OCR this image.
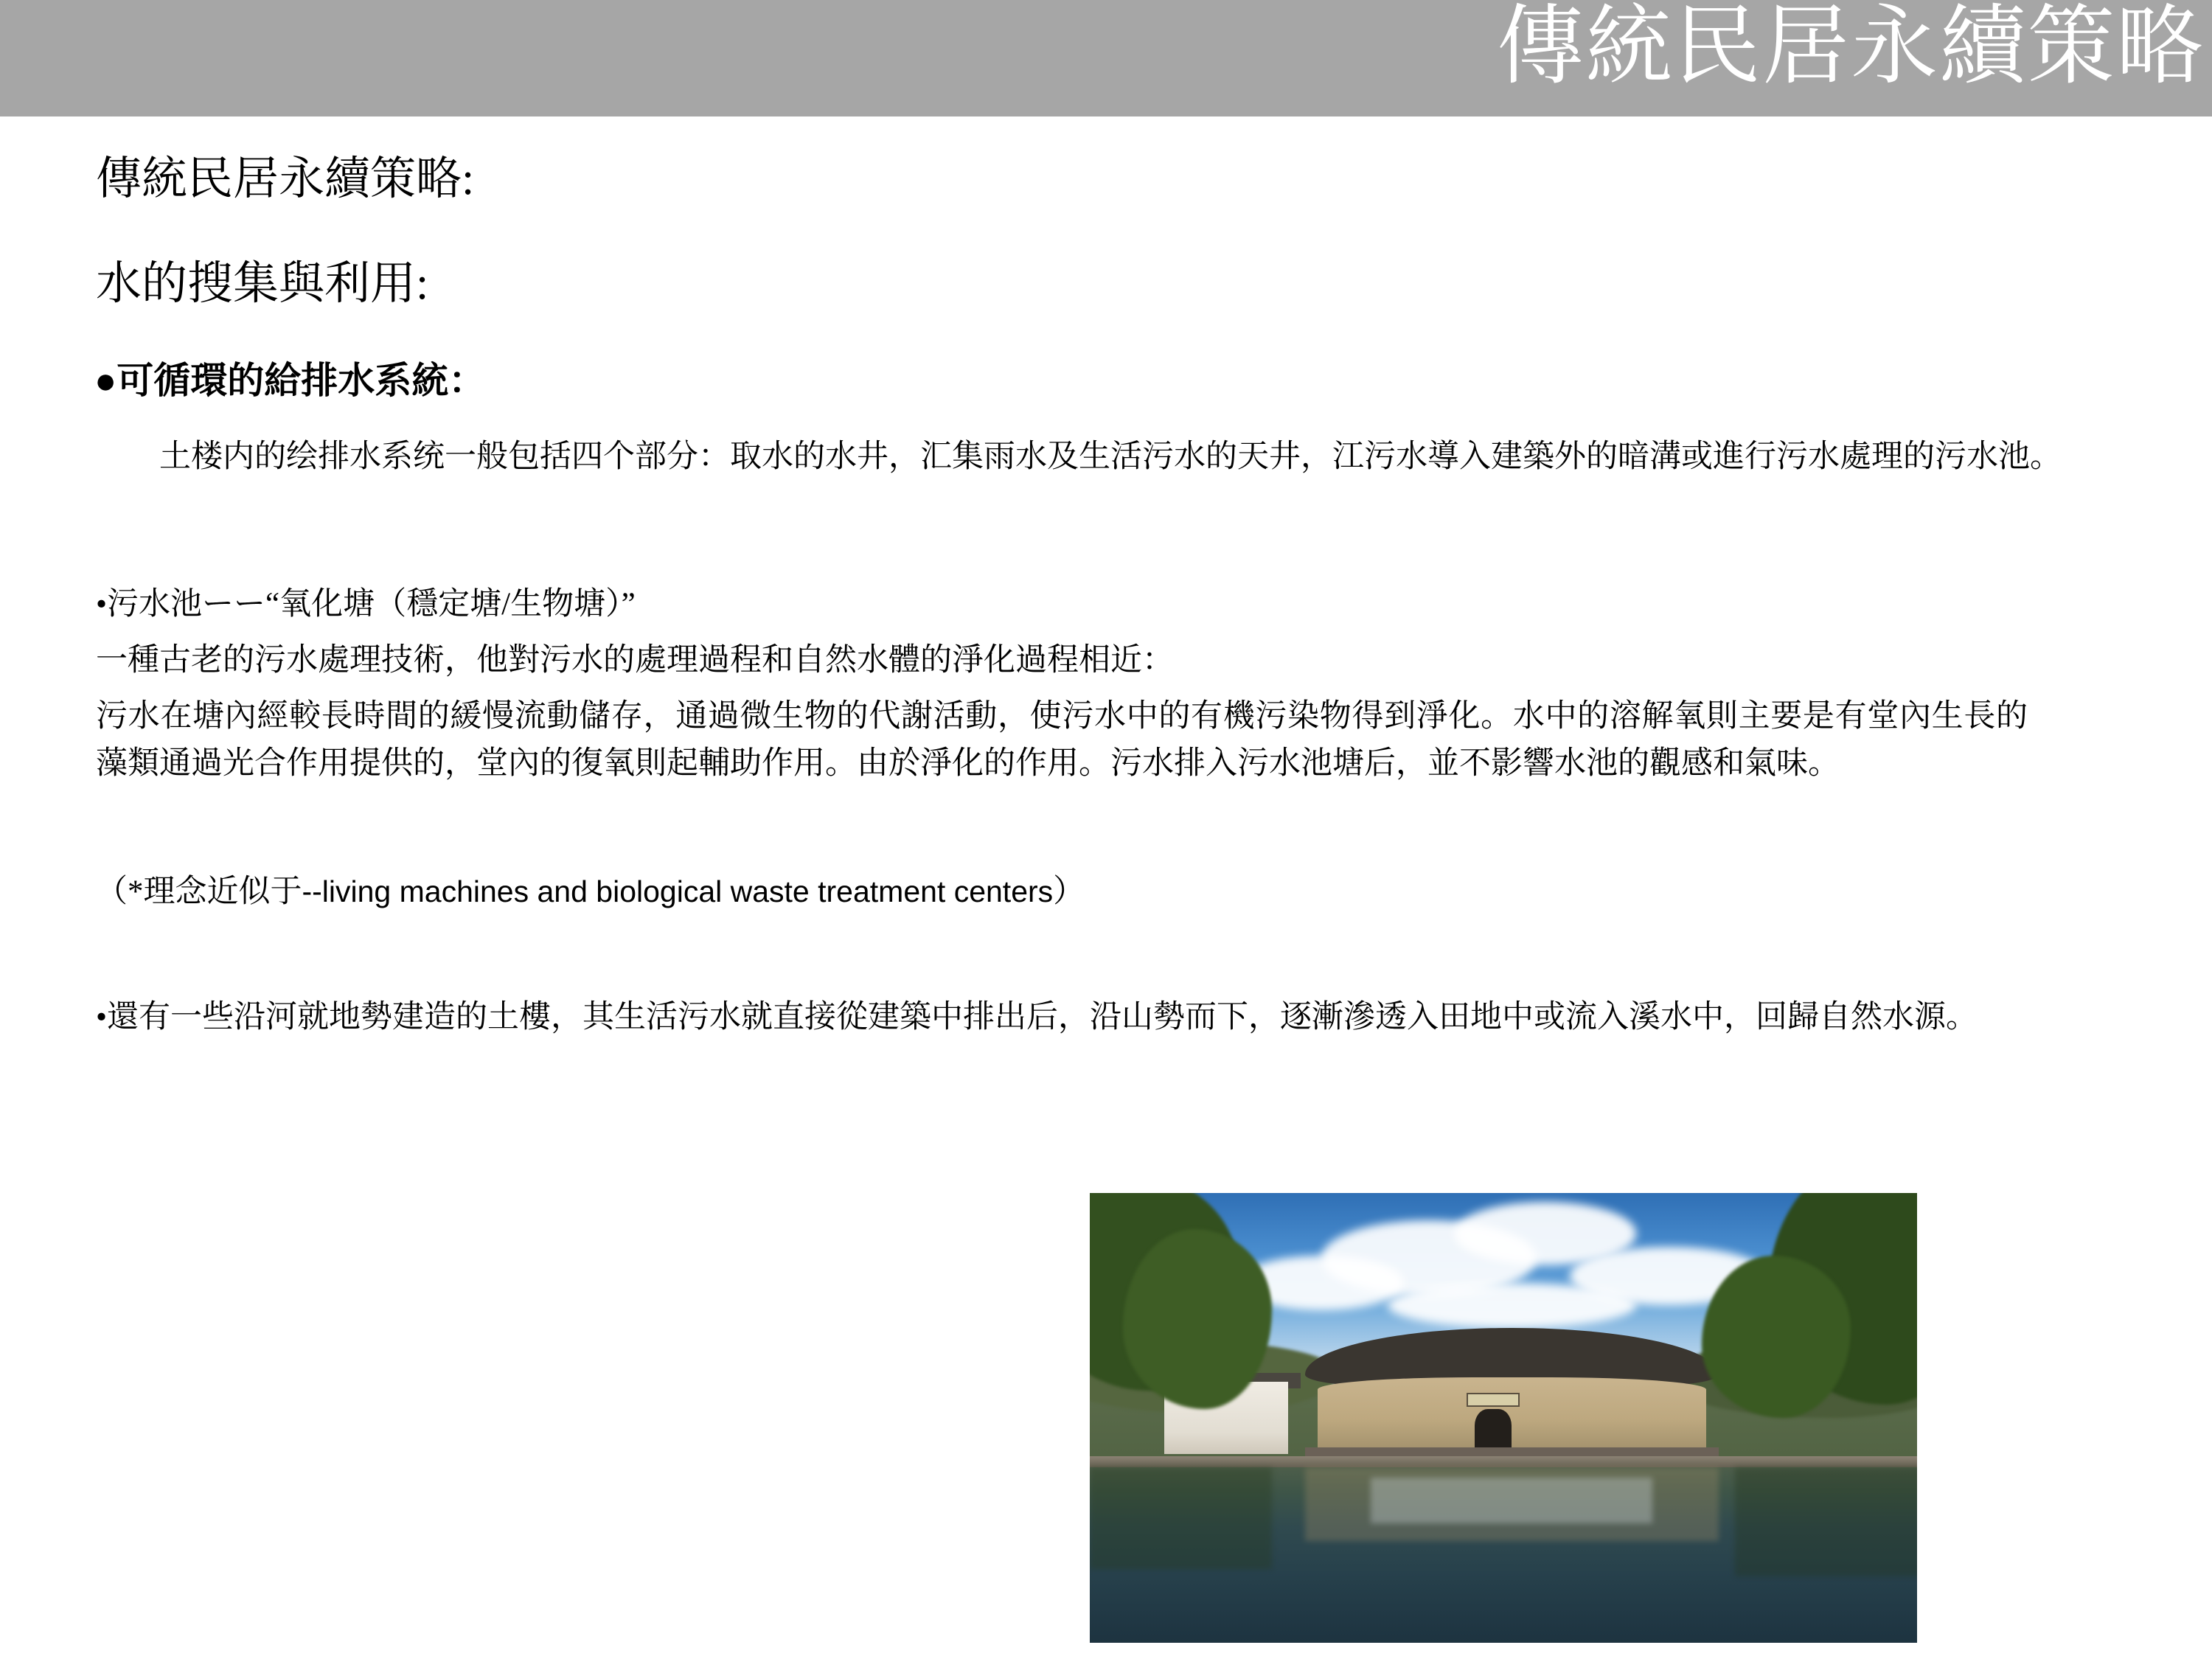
傳統民居永續策略
傳統民居永續策略:
水的搜集與利用:
●可循環的給排水系統：
土楼内的绘排水系统一般包括四个部分：取水的水井，汇集雨水及生活污水的天井，江污水導入建築外的暗溝或進行污水處理的污水池。
•污水池ーー“氧化塘（穩定塘/生物塘）”
一種古老的污水處理技術，他對污水的處理過程和自然水體的淨化過程相近：
污水在塘內經較長時間的緩慢流動儲存，通過微生物的代謝活動，使污水中的有機污染物得到淨化。水中的溶解氧則主要是有堂內生長的藻類通過光合作用提供的，堂內的復氧則起輔助作用。由於淨化的作用。污水排入污水池塘后，並不影響水池的觀感和氣味。
（*理念近似于--living machines and biological waste treatment centers）
•還有一些沿河就地勢建造的土樓，其生活污水就直接從建築中排出后，沿山勢而下，逐漸滲透入田地中或流入溪水中，回歸自然水源。
